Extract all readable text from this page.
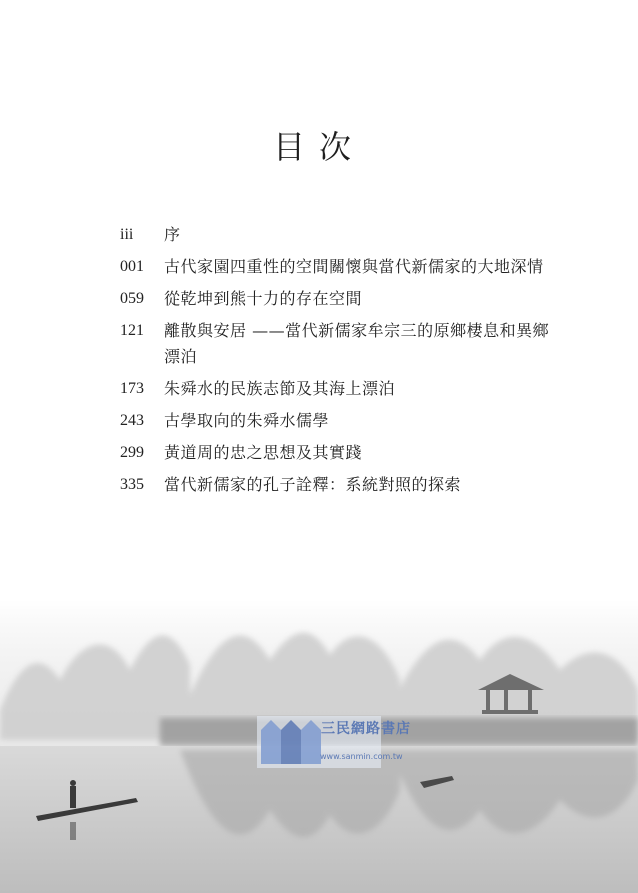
目次
iii	序
001	古代家園四重性的空間關懷與當代新儒家的大地深情
059	從乾坤到熊十力的存在空間
121	離散與安居 ——當代新儒家牟宗三的原鄉棲息和異鄉漂泊
173	朱舜水的民族志節及其海上漂泊
243	古學取向的朱舜水儒學
299	黃道周的忠之思想及其實踐
335	當代新儒家的孔子詮釋：系統對照的探索
三民網路書店
www.sanmin.com.tw
